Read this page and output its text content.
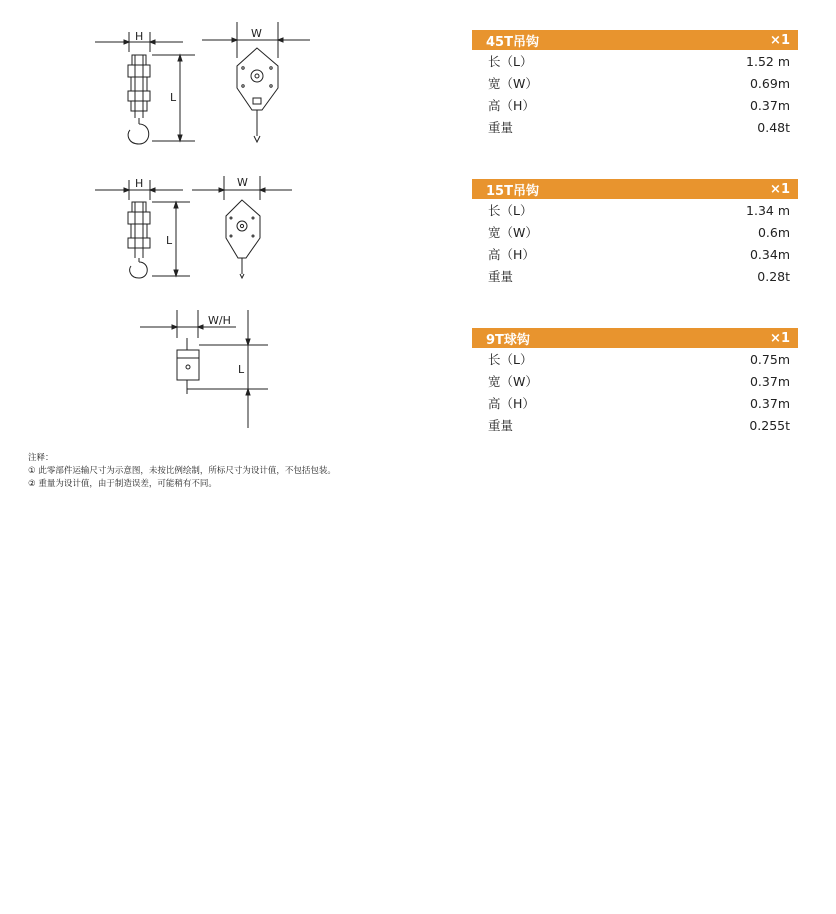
H	W
L
H	W
L
W/H
L
45T吊钩	×1
长（L）	1.52 m
宽（W）	0.69m
高（H）	0.37m
重量	0.48t
15T吊钩	×1
长（L）	1.34 m
宽（W）	0.6m
高（H）	0.34m
重量	0.28t
9T球钩	×1
长（L）	0.75m
宽（W）	0.37m
高（H）	0.37m
重量	0.255t
注释：
① 此零部件运输尺寸为示意图，未按比例绘制，所标尺寸为设计值，不包括包装。
② 重量为设计值，由于制造误差，可能稍有不同。
